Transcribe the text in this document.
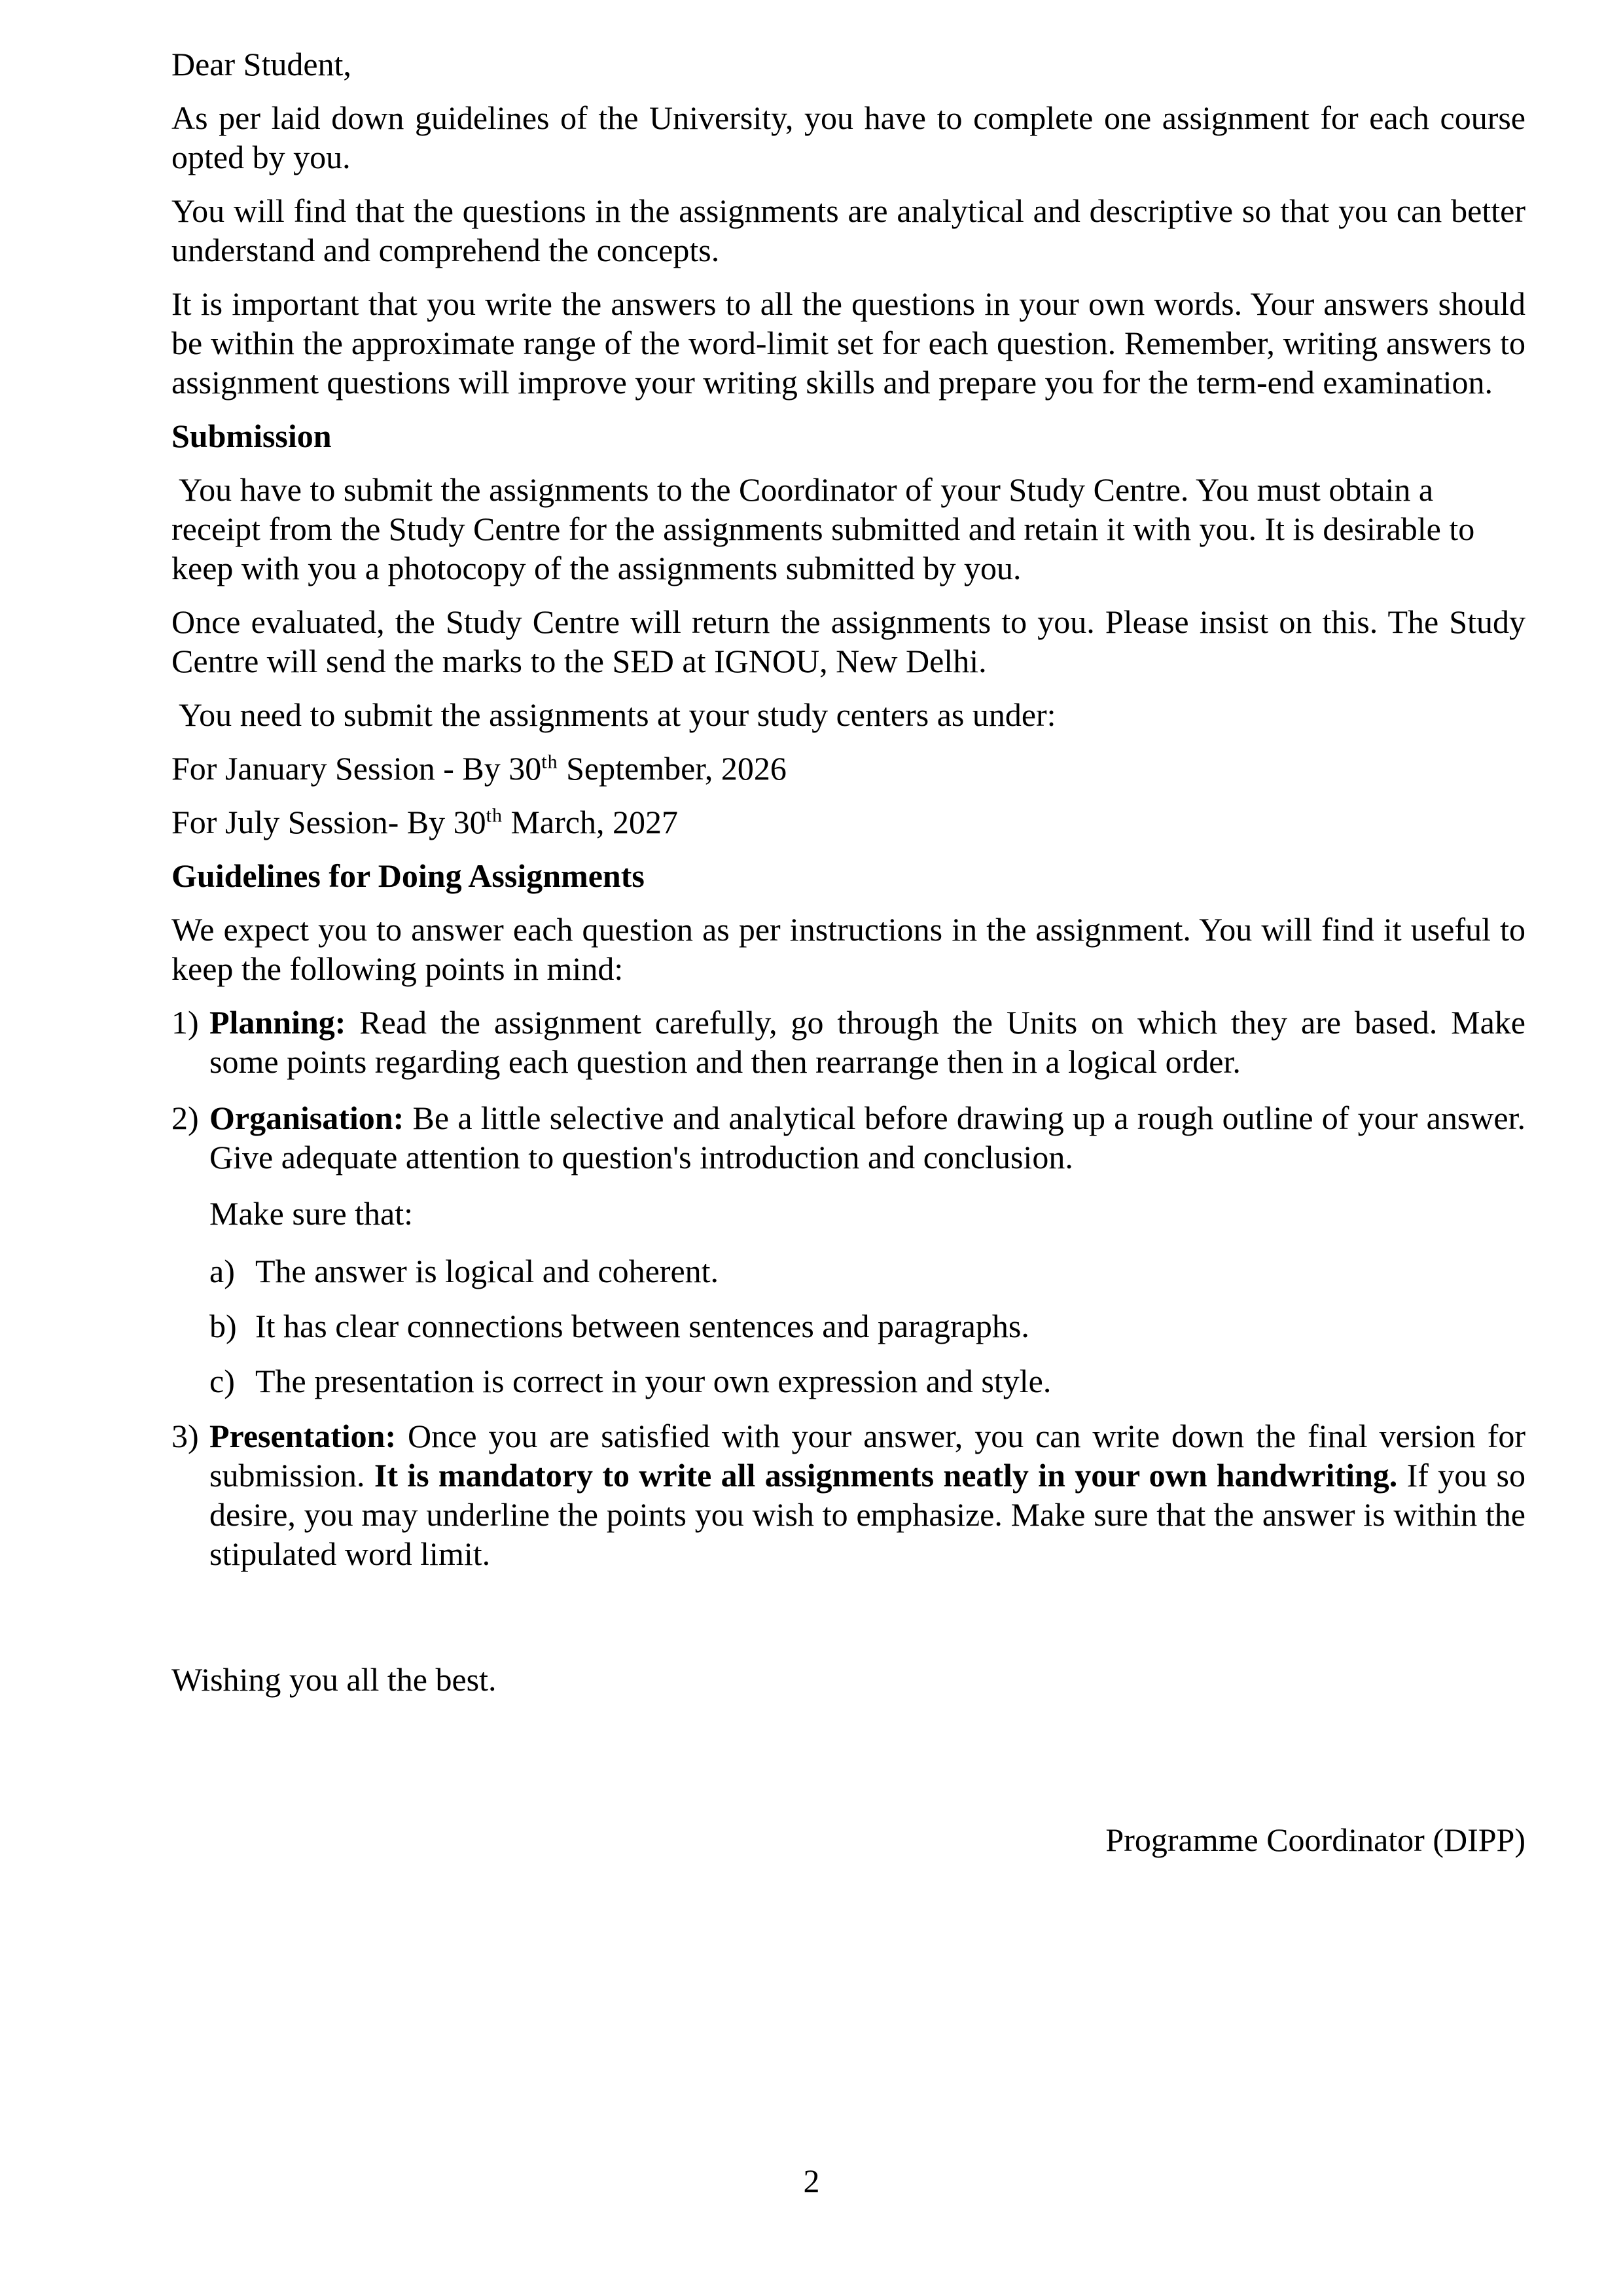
Dear Student,

As per laid down guidelines of the University, you have to complete one assignment for each course opted by you.

You will find that the questions in the assignments are analytical and descriptive so that you can better understand and comprehend the concepts.

It is important that you write the answers to all the questions in your own words. Your answers should be within the approximate range of the word-limit set for each question. Remember, writing answers to assignment questions will improve your writing skills and prepare you for the term-end examination.

Submission

You have to submit the assignments to the Coordinator of your Study Centre. You must obtain a receipt from the Study Centre for the assignments submitted and retain it with you. It is desirable to keep with you a photocopy of the assignments submitted by you.

Once evaluated, the Study Centre will return the assignments to you. Please insist on this. The Study Centre will send the marks to the SED at IGNOU, New Delhi.

You need to submit the assignments at your study centers as under:

For January Session - By 30th September, 2026

For July Session- By 30th March, 2027

Guidelines for Doing Assignments

We expect you to answer each question as per instructions in the assignment. You will find it useful to keep the following points in mind:

1) Planning: Read the assignment carefully, go through the Units on which they are based. Make some points regarding each question and then rearrange then in a logical order.
2) Organisation: Be a little selective and analytical before drawing up a rough outline of your answer. Give adequate attention to question's introduction and conclusion.

Make sure that:

a) The answer is logical and coherent.
b) It has clear connections between sentences and paragraphs.
c) The presentation is correct in your own expression and style.
3) Presentation: Once you are satisfied with your answer, you can write down the final version for submission. It is mandatory to write all assignments neatly in your own handwriting. If you so desire, you may underline the points you wish to emphasize. Make sure that the answer is within the stipulated word limit.

Wishing you all the best.

Programme Coordinator (DIPP)

2
